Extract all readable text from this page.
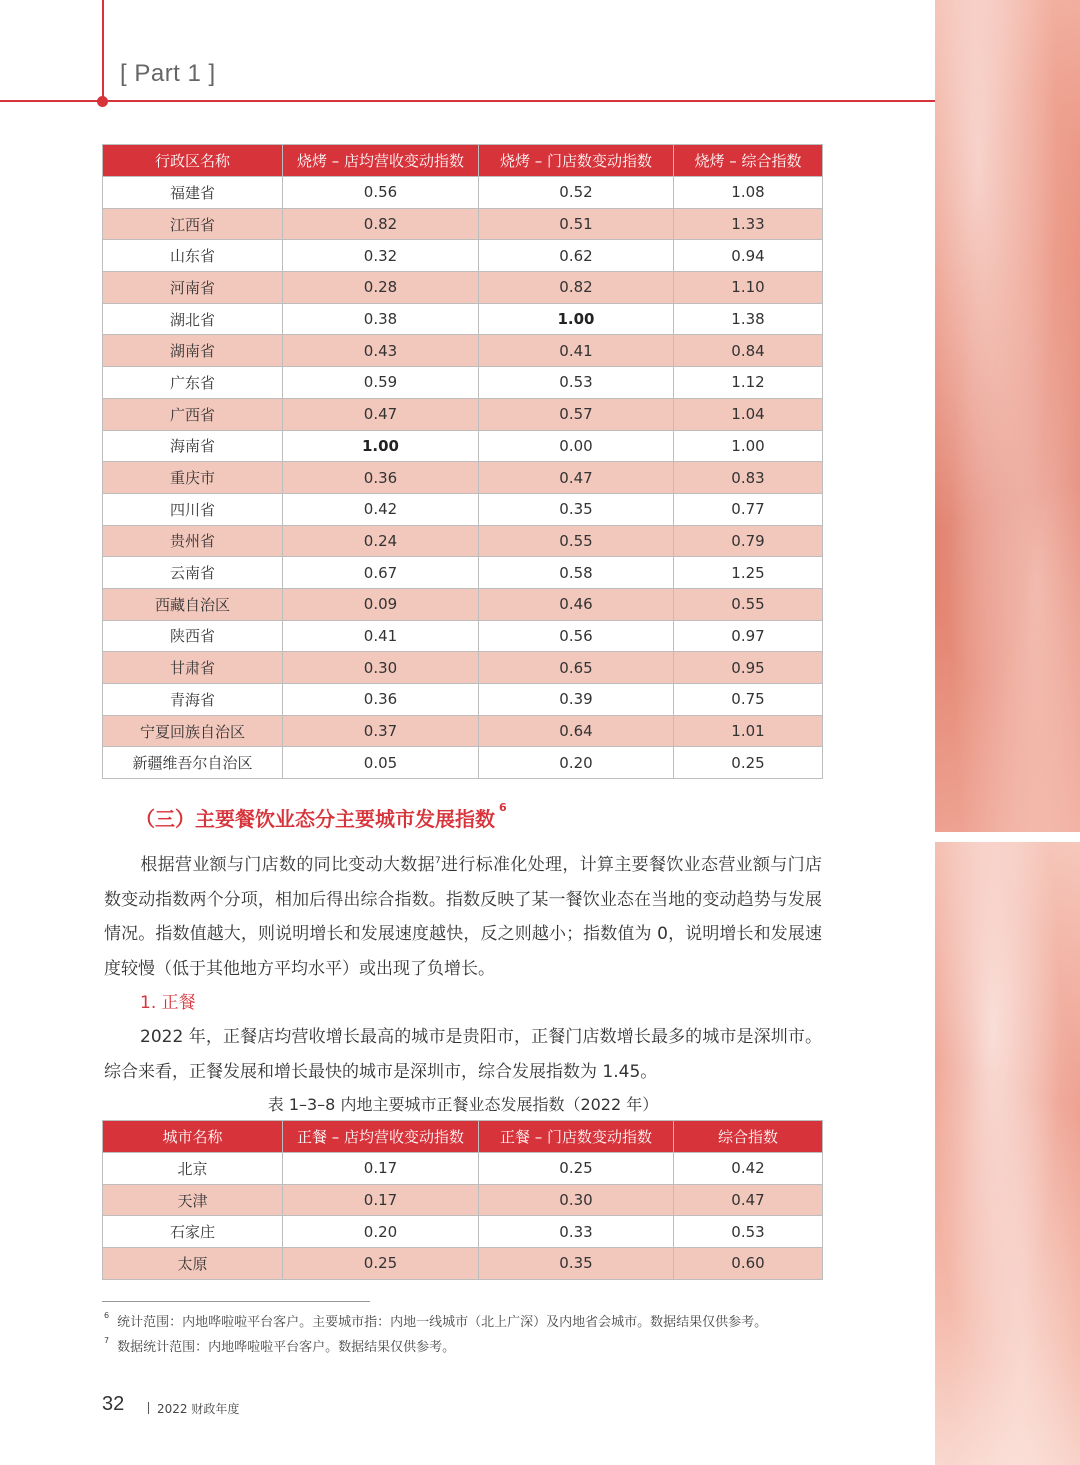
[ Part 1 ]
行政区名称	烧烤 – 店均营收变动指数	烧烤 – 门店数变动指数	烧烤 – 综合指数
福建省	0.56	0.52	1.08
江西省	0.82	0.51	1.33
山东省	0.32	0.62	0.94
河南省	0.28	0.82	1.10
湖北省	0.38	1.00	1.38
湖南省	0.43	0.41	0.84
广东省	0.59	0.53	1.12
广西省	0.47	0.57	1.04
海南省	1.00	0.00	1.00
重庆市	0.36	0.47	0.83
四川省	0.42	0.35	0.77
贵州省	0.24	0.55	0.79
云南省	0.67	0.58	1.25
西藏自治区	0.09	0.46	0.55
陕西省	0.41	0.56	0.97
甘肃省	0.30	0.65	0.95
青海省	0.36	0.39	0.75
宁夏回族自治区	0.37	0.64	1.01
新疆维吾尔自治区	0.05	0.20	0.25
（三）主要餐饮业态分主要城市发展指数 $^6$

根据营业额与门店数的同比变动大数据$^7$进行标准化处理，计算主要餐饮业态营业额与门店数变动指数两个分项，相加后得出综合指数。指数反映了某一餐饮业态在当地的变动趋势与发展情况。指数值越大，则说明增长和发展速度越快，反之则越小；指数值为 0，说明增长和发展速度较慢（低于其他地方平均水平）或出现了负增长。

1. 正餐

2022 年，正餐店均营收增长最高的城市是贵阳市，正餐门店数增长最多的城市是深圳市。综合来看，正餐发展和增长最快的城市是深圳市，综合发展指数为 1.45。

表 1–3–8 内地主要城市正餐业态发展指数（2022 年）
城市名称	正餐 – 店均营收变动指数	正餐 – 门店数变动指数	综合指数
北京	0.17	0.25	0.42
天津	0.17	0.30	0.47
石家庄	0.20	0.33	0.53
太原	0.25	0.35	0.60
$^6$ 统计范围：内地哗啦啦平台客户。主要城市指：内地一线城市（北上广深）及内地省会城市。数据结果仅供参考。
$^7$ 数据统计范围：内地哗啦啦平台客户。数据结果仅供参考。
32	2022 财政年度
